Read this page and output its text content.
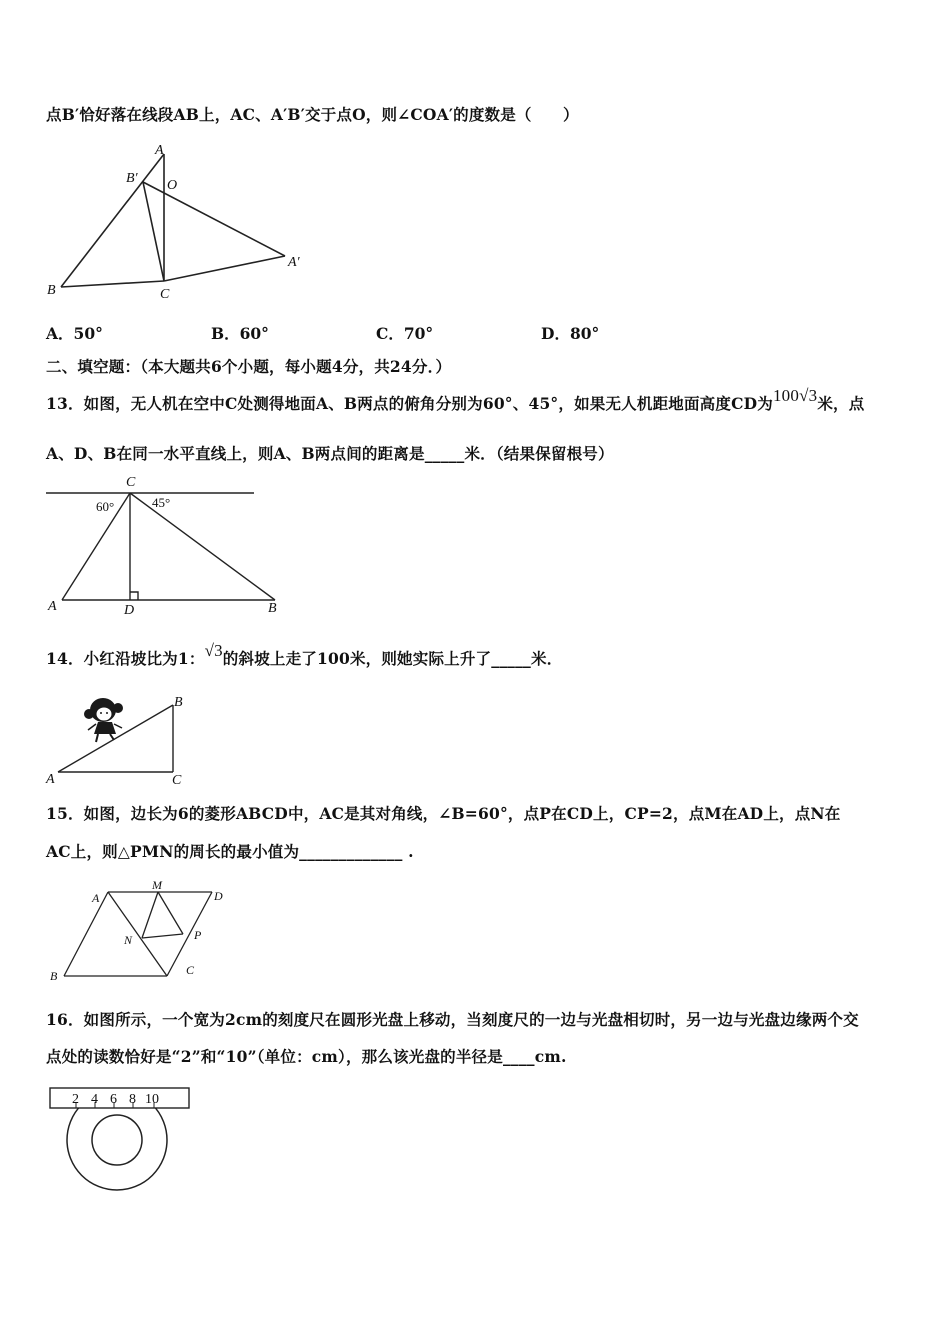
点B′恰好落在线段AB上，AC、A′B′交于点O，则∠COA′的度数是（　　）
A
B′ O
A′
B	C
A．50°	B．60°	C．70°	D．80°
二、填空题：（本大题共6个小题，每小题4分，共24分．）
13．如图，无人机在空中C处测得地面A、B两点的俯角分别为60°、45°，如果无人机距地面高度CD为100√3米，点
A、D、B在同一水平直线上，则A、B两点间的距离是_____米．（结果保留根号）
C
60°	45°
A	D	B
14．小红沿坡比为1：√3的斜坡上走了100米，则她实际上升了_____米．
B
A	C
15．如图，边长为6的菱形ABCD中，AC是其对角线，∠B=60°，点P在CD上，CP=2，点M在AD上，点N在
AC上，则△PMN的周长的最小值为_____________ .
A
M
D
N	P
B	C
16．如图所示，一个宽为2cm的刻度尺在圆形光盘上移动，当刻度尺的一边与光盘相切时，另一边与光盘边缘两个交
点处的读数恰好是“2”和“10”（单位：cm），那么该光盘的半径是____cm.
2 4 6 8 10
